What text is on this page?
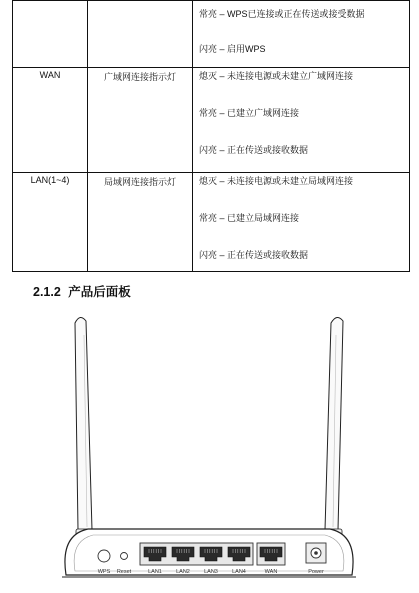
		常亮 – WPS已连接或正在传送或接受数据
闪亮 – 启用WPS

WAN	广域网连接指示灯	熄灭 – 未连接电源或未建立广域网连接
常亮 – 已建立广域网连接
闪亮 – 正在传送或接收数据

LAN(1~4)	局域网连接指示灯	熄灭 – 未连接电源或未建立局域网连接
常亮 – 已建立局域网连接
闪亮 – 正在传送或接收数据
2.1.2 产品后面板
WPS Reset	LAN1	LAN2	LAN3	LAN4	WAN	Power
